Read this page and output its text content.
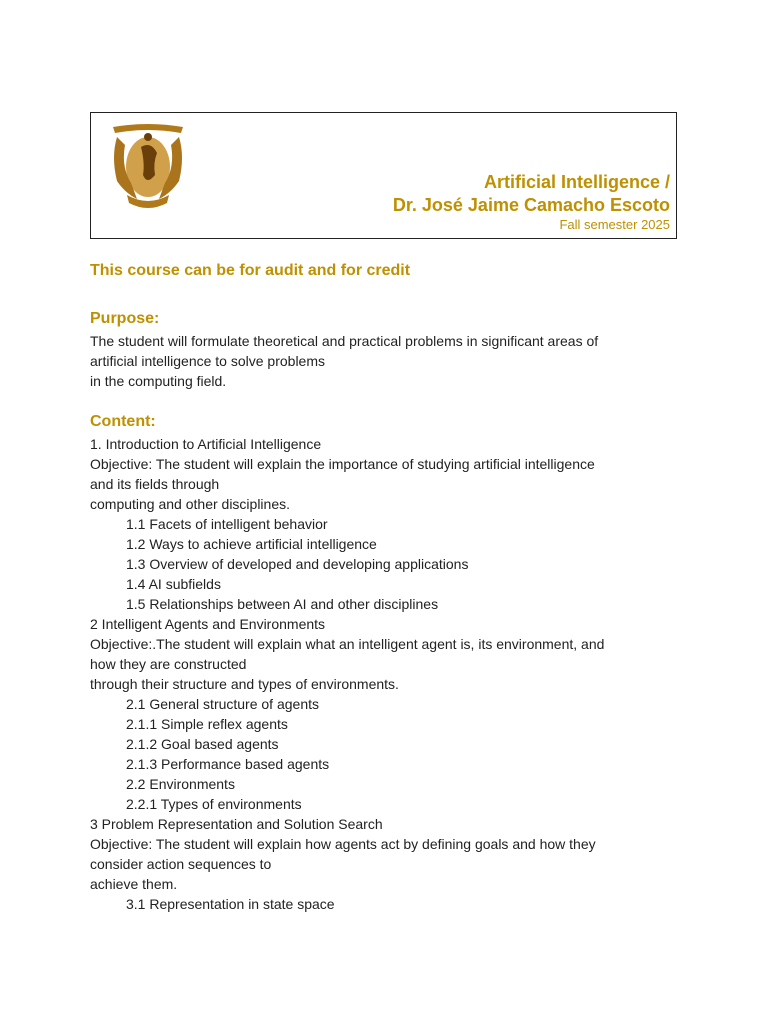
Artificial Intelligence /
Dr. José Jaime Camacho Escoto
Fall semester 2025
This course can be for audit and for credit
Purpose:
The student will formulate theoretical and practical problems in significant areas of
artificial intelligence to solve problems
in the computing field.
Content:
1. Introduction to Artificial Intelligence
Objective: The student will explain the importance of studying artificial intelligence
and its fields through
computing and other disciplines.
1.1 Facets of intelligent behavior
1.2 Ways to achieve artificial intelligence
1.3 Overview of developed and developing applications
1.4 AI subfields
1.5 Relationships between AI and other disciplines
2 Intelligent Agents and Environments
Objective:.The student will explain what an intelligent agent is, its environment, and
how they are constructed
through their structure and types of environments.
2.1 General structure of agents
2.1.1 Simple reflex agents
2.1.2 Goal based agents
2.1.3 Performance based agents
2.2 Environments
2.2.1 Types of environments
3 Problem Representation and Solution Search
Objective: The student will explain how agents act by defining goals and how they
consider action sequences to
achieve them.
3.1 Representation in state space
